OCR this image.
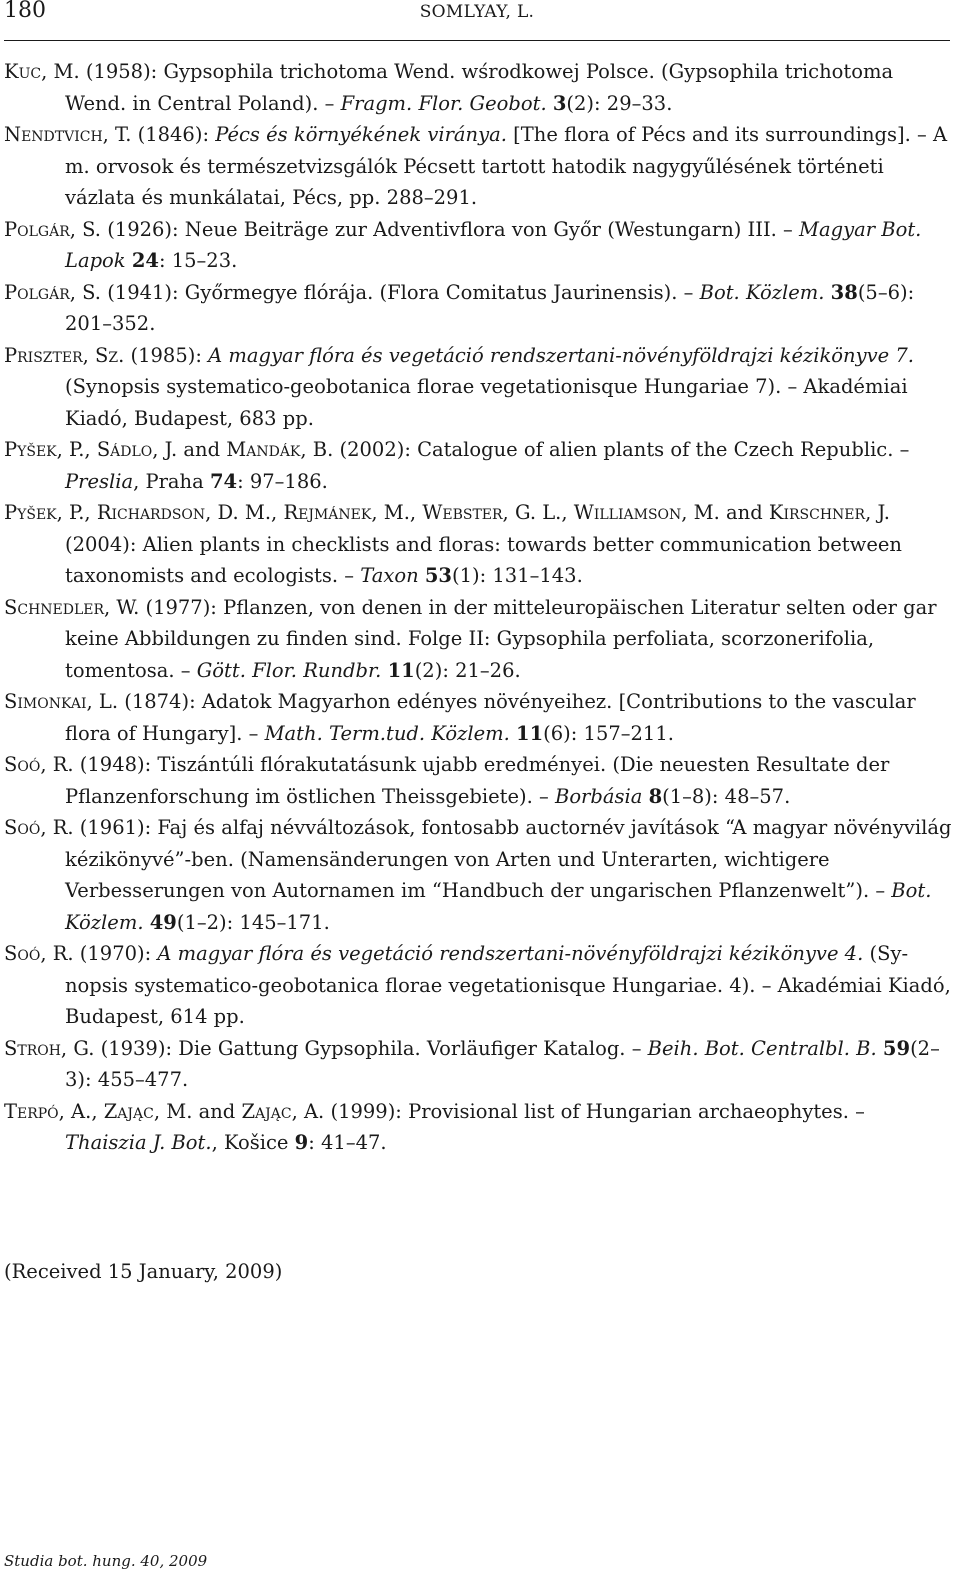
180	SOMLYAY, L.
Kuc, M. (1958): Gypsophila trichotoma Wend. wśrodkowej Polsce. (Gypsophila trichotoma Wend. in Central Poland). – Fragm. Flor. Geobot. 3(2): 29–33.
Nendtvich, T. (1846): Pécs és környékének viránya. [The flora of Pécs and its surroundings]. – A m. orvosok és természetvizsgálók Pécsett tartott hatodik nagygyűlésének történeti vázlata és munkálatai, Pécs, pp. 288–291.
Polgár, S. (1926): Neue Beiträge zur Adventivflora von Győr (Westungarn) III. – Magyar Bot. Lapok 24: 15–23.
Polgár, S. (1941): Győrmegye flórája. (Flora Comitatus Jaurinensis). – Bot. Közlem. 38(5–6): 201–352.
Priszter, Sz. (1985): A magyar flóra és vegetáció rendszertani-növényföldrajzi kézikönyve 7. (Synopsis systematico-geobotanica florae vegetationisque Hungariae 7). – Akadémiai Kiadó, Budapest, 683 pp.
Pyšek, P., Sádlo, J. and Mandák, B. (2002): Catalogue of alien plants of the Czech Republic. – Preslia, Praha 74: 97–186.
Pyšek, P., Richardson, D. M., Rejmánek, M., Webster, G. L., Williamson, M. and Kirschner, J. (2004): Alien plants in checklists and floras: towards better communication between taxonomists and ecologists. – Taxon 53(1): 131–143.
Schnedler, W. (1977): Pflanzen, von denen in der mitteleuropäischen Literatur selten oder gar keine Abbildungen zu finden sind. Folge II: Gypsophila perfoliata, scorzonerifolia, tomentosa. – Gött. Flor. Rundbr. 11(2): 21–26.
Simonkai, L. (1874): Adatok Magyarhon edényes növényeihez. [Contributions to the vascular flora of Hungary]. – Math. Term.tud. Közlem. 11(6): 157–211.
Soó, R. (1948): Tiszántúli flórakutatásunk ujabb eredményei. (Die neuesten Resultate der Pflanzenforschung im östlichen Theissgebiete). – Borbásia 8(1–8): 48–57.
Soó, R. (1961): Faj és alfaj névváltozások, fontosabb auctornév javítások “A magyar növényvilág kézikönyvé”-ben. (Namensänderungen von Arten und Unterarten, wichtigere Verbesserungen von Autornamen im “Handbuch der ungarischen Pflanzenwelt”). – Bot. Közlem. 49(1–2): 145–171.
Soó, R. (1970): A magyar flóra és vegetáció rendszertani-növényföldrajzi kézikönyve 4. (Synopsis systematico-geobotanica florae vegetationisque Hungariae. 4). – Akadémiai Kiadó, Budapest, 614 pp.
Stroh, G. (1939): Die Gattung Gypsophila. Vorläufiger Katalog. – Beih. Bot. Centralbl. B. 59(2–3): 455–477.
Terpó, A., Zając, M. and Zając, A. (1999): Provisional list of Hungarian archaeophytes. – Thaiszia J. Bot., Košice 9: 41–47.
(Received 15 January, 2009)
Studia bot. hung. 40, 2009
